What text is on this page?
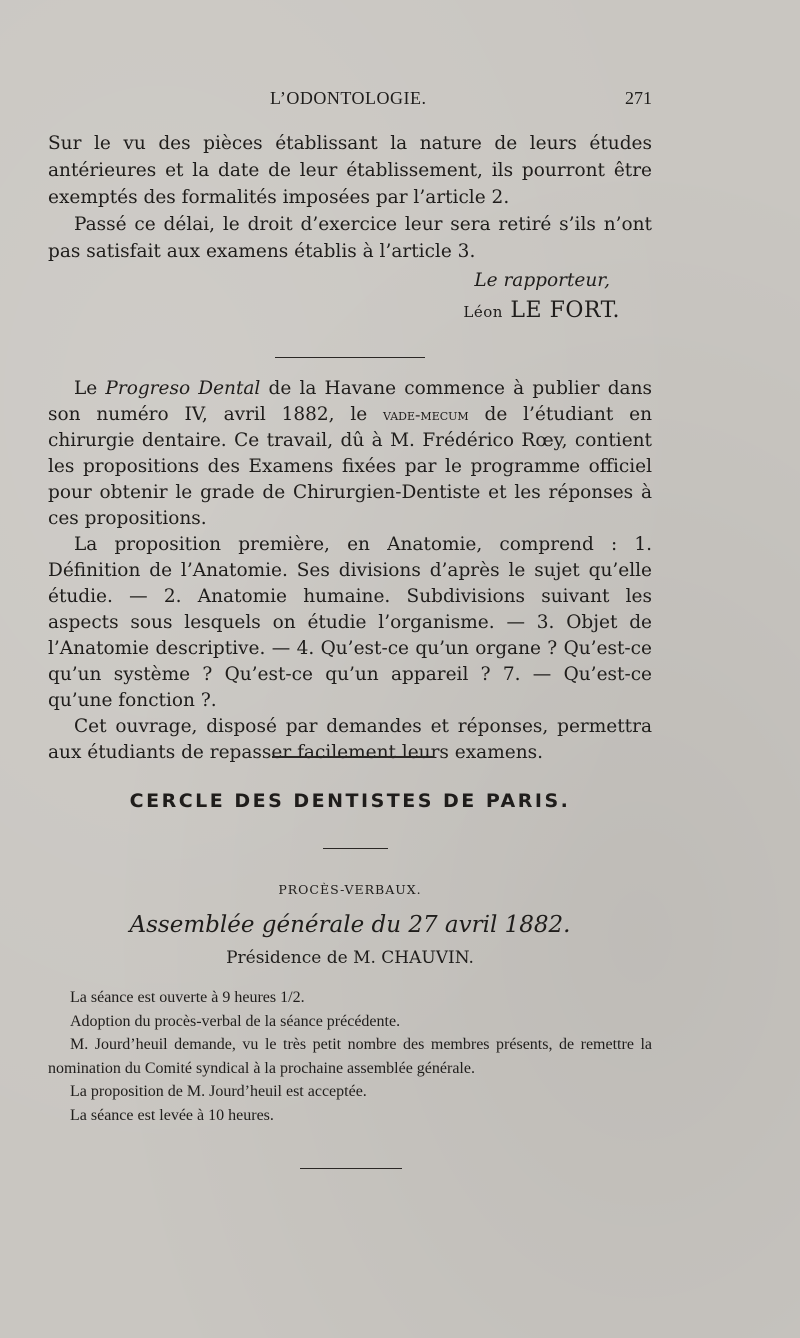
L’ODONTOLOGIE.	271

Sur le vu des pièces établissant la nature de leurs études antérieures et la date de leur établissement, ils pourront être exemptés des formalités imposées par l’article 2.

Passé ce délai, le droit d’exercice leur sera retiré s’ils n’ont pas satisfait aux examens établis à l’article 3.

Le rapporteur,
Léon LE FORT.

Le Progreso Dental de la Havane commence à publier dans son numéro IV, avril 1882, le vade-mecum de l’étudiant en chirurgie dentaire. Ce travail, dû à M. Frédérico Rœy, contient les propositions des Examens fixées par le programme officiel pour obtenir le grade de Chirurgien-Dentiste et les réponses à ces propositions.

La proposition première, en Anatomie, comprend : 1. Définition de l’Anatomie. Ses divisions d’après le sujet qu’elle étudie. — 2. Anatomie humaine. Subdivisions suivant les aspects sous lesquels on étudie l’organisme. — 3. Objet de l’Anatomie descriptive. — 4. Qu’est-ce qu’un organe ? Qu’est-ce qu’un système ? Qu’est-ce qu’un appareil ? 7. — Qu’est-ce qu’une fonction ?.

Cet ouvrage, disposé par demandes et réponses, permettra aux étudiants de repasser facilement leurs examens.

CERCLE DES DENTISTES DE PARIS.
PROCÈS-VERBAUX.
Assemblée générale du 27 avril 1882.
Présidence de M. CHAUVIN.

La séance est ouverte à 9 heures 1/2.

Adoption du procès-verbal de la séance précédente.

M. Jourd’heuil demande, vu le très petit nombre des membres présents, de remettre la nomination du Comité syndical à la prochaine assemblée générale.

La proposition de M. Jourd’heuil est acceptée.

La séance est levée à 10 heures.
